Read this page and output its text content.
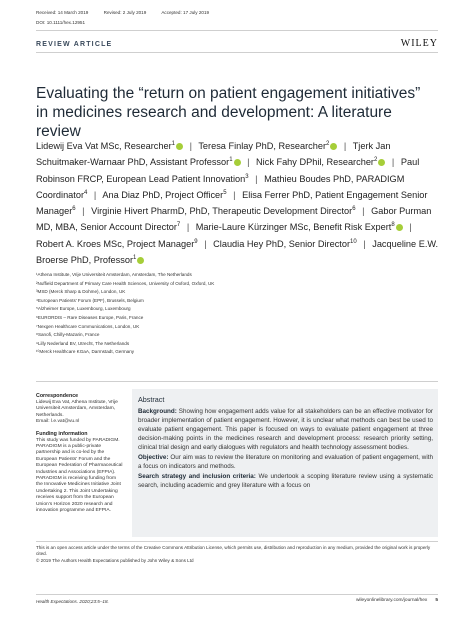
Received: 14 March 2019	Revised: 2 July 2019	Accepted: 17 July 2019
DOI: 10.1111/hex.12951
REVIEW ARTICLE	WILEY
Evaluating the “return on patient engagement initiatives” in medicines research and development: A literature review

Lidewij Eva Vat MSc, Researcher$^1$ | Teresa Finlay PhD, Researcher$^2$ | Tjerk Jan Schuitmaker-Warnaar PhD, Assistant Professor$^1$ | Nick Fahy DPhil, Researcher$^2$ | Paul Robinson FRCP, European Lead Patient Innovation$^3$ | Mathieu Boudes PhD, PARADIGM Coordinator$^4$ | Ana Diaz PhD, Project Officer$^5$ | Elisa Ferrer PhD, Patient Engagement Senior Manager$^6$ | Virginie Hivert PharmD, PhD, Therapeutic Development Director$^6$ | Gabor Purman MD, MBA, Senior Account Director$^7$ | Marie-Laure Kürzinger MSc, Benefit Risk Expert$^8$ | Robert A. Kroes MSc, Project Manager$^9$ | Claudia Hey PhD, Senior Director$^{10}$ | Jacqueline E.W. Broerse PhD, Professor$^1$

¹Athena Institute, Vrije Universiteit Amsterdam, Amsterdam, The Netherlands
²Nuffield Department of Primary Care Health Sciences, University of Oxford, Oxford, UK
³MSD (Merck Sharp & Dohme), London, UK
⁴European Patients' Forum (EPF), Brussels, Belgium
⁵Alzheimer Europe, Luxembourg, Luxembourg
⁶EURORDIS – Rare Diseases Europe, Paris, France
⁷Nexgen Healthcare Communications, London, UK
⁸Sanofi, Chilly-Mazarin, France
⁹Lilly Nederland BV, Utrecht, The Netherlands
¹⁰Merck Healthcare KGaA, Darmstadt, Germany
Correspondence

Lidewij Eva Vat, Athena Institute, Vrije Universiteit Amsterdam, Amsterdam, Netherlands.
Email: l.e.vat@vu.nl

Funding information

This study was funded by PARADIGM. PARADIGM is a public-private partnership and is co-led by the European Patients' Forum and the European Federation of Pharmaceutical Industries and Associations (EFPIA). PARADIGM is receiving funding from the Innovative Medicines Initiative Joint Undertaking 2. This Joint Undertaking receives support from the European Union's Horizon 2020 research and innovation programme and EFPIA.

Abstract

Background: Showing how engagement adds value for all stakeholders can be an effective motivator for broader implementation of patient engagement. However, it is unclear what methods can best be used to evaluate patient engagement. This paper is focused on ways to evaluate patient engagement at three decision-making points in the medicines research and development process: research priority setting, clinical trial design and early dialogues with regulators and health technology assessment bodies.

Objective: Our aim was to review the literature on monitoring and evaluation of patient engagement, with a focus on indicators and methods.

Search strategy and inclusion criteria: We undertook a scoping literature review using a systematic search, including academic and grey literature with a focus on

This is an open access article under the terms of the Creative Commons Attribution License, which permits use, distribution and reproduction in any medium, provided the original work is properly cited.
© 2019 The Authors Health Expectations published by John Wiley & Sons Ltd
Health Expectations. 2020;23:5–18.	wileyonlinelibrary.com/journal/hex 5
